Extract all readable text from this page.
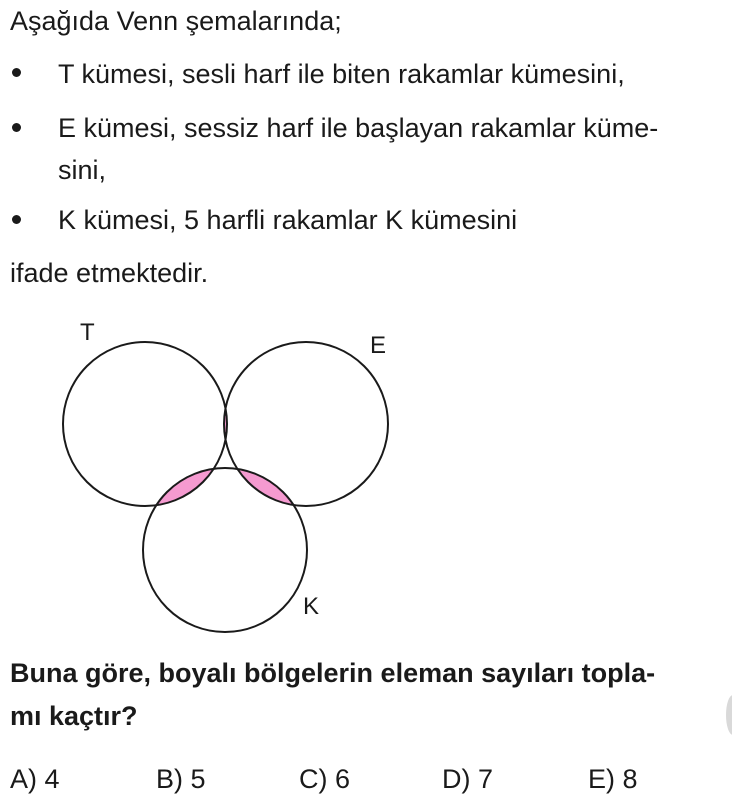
Aşağıda Venn şemalarında;
T kümesi, sesli harf ile biten rakamlar kümesini,
E kümesi, sessiz harf ile başlayan rakamlar küme-
sini,
K kümesi, 5 harfli rakamlar K kümesini
ifade etmektedir.
T	E
K
Buna göre, boyalı bölgelerin eleman sayıları topla-
mı kaçtır?
A) 4	B) 5	C) 6	D) 7	E) 8
